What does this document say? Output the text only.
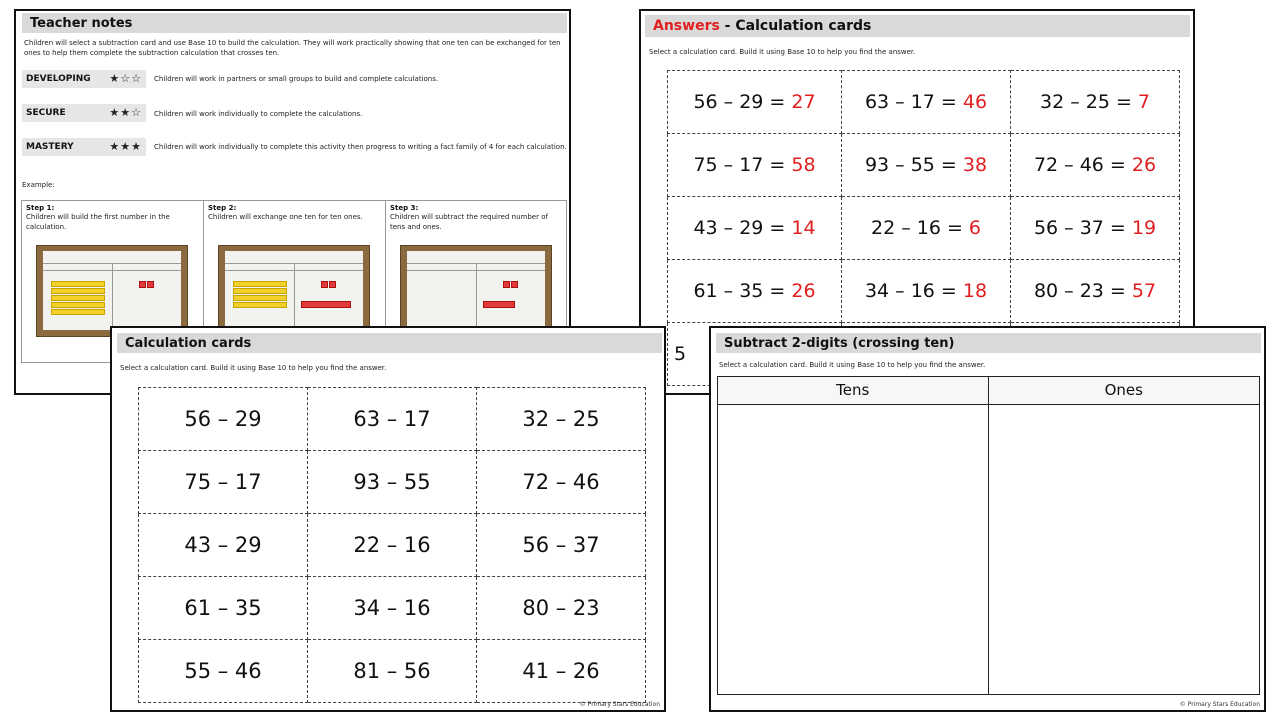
Teacher notes
Children will select a subtraction card and use Base 10 to build the calculation. They will work practically showing that one ten can be exchanged for ten ones to help them complete the subtraction calculation that crosses ten.
DEVELOPING ★☆☆ Children will work in partners or small groups to build and complete calculations.
SECURE	★★☆ Children will work individually to complete the calculations.
MASTERY	★★★ Children will work individually to complete this activity then progress to writing a fact family of 4 for each calculation.
Example:
Step 1:
Children will build the first number in the calculation.
Step 2:
Children will exchange one ten for ten ones.
Step 3:
Children will subtract the required number of tens and ones.
Answers - Calculation cards
Select a calculation card. Build it using Base 10 to help you find the answer.
56 – 29 = 27	63 – 17 = 46	32 – 25 = 7
75 – 17 = 58	93 – 55 = 38	72 – 46 = 26
43 – 29 = 14	22 – 16 = 6	56 – 37 = 19
61 – 35 = 26	34 – 16 = 18	80 – 23 = 57
5		
Calculation cards
Select a calculation card. Build it using Base 10 to help you find the answer.
56 – 29	63 – 17	32 – 25
75 – 17	93 – 55	72 – 46
43 – 29	22 – 16	56 – 37
61 – 35	34 – 16	80 – 23
55 – 46	81 – 56	41 – 26
© Primary Stars Education
Subtract 2-digits (crossing ten)
Select a calculation card. Build it using Base 10 to help you find the answer.
Tens	Ones
© Primary Stars Education
